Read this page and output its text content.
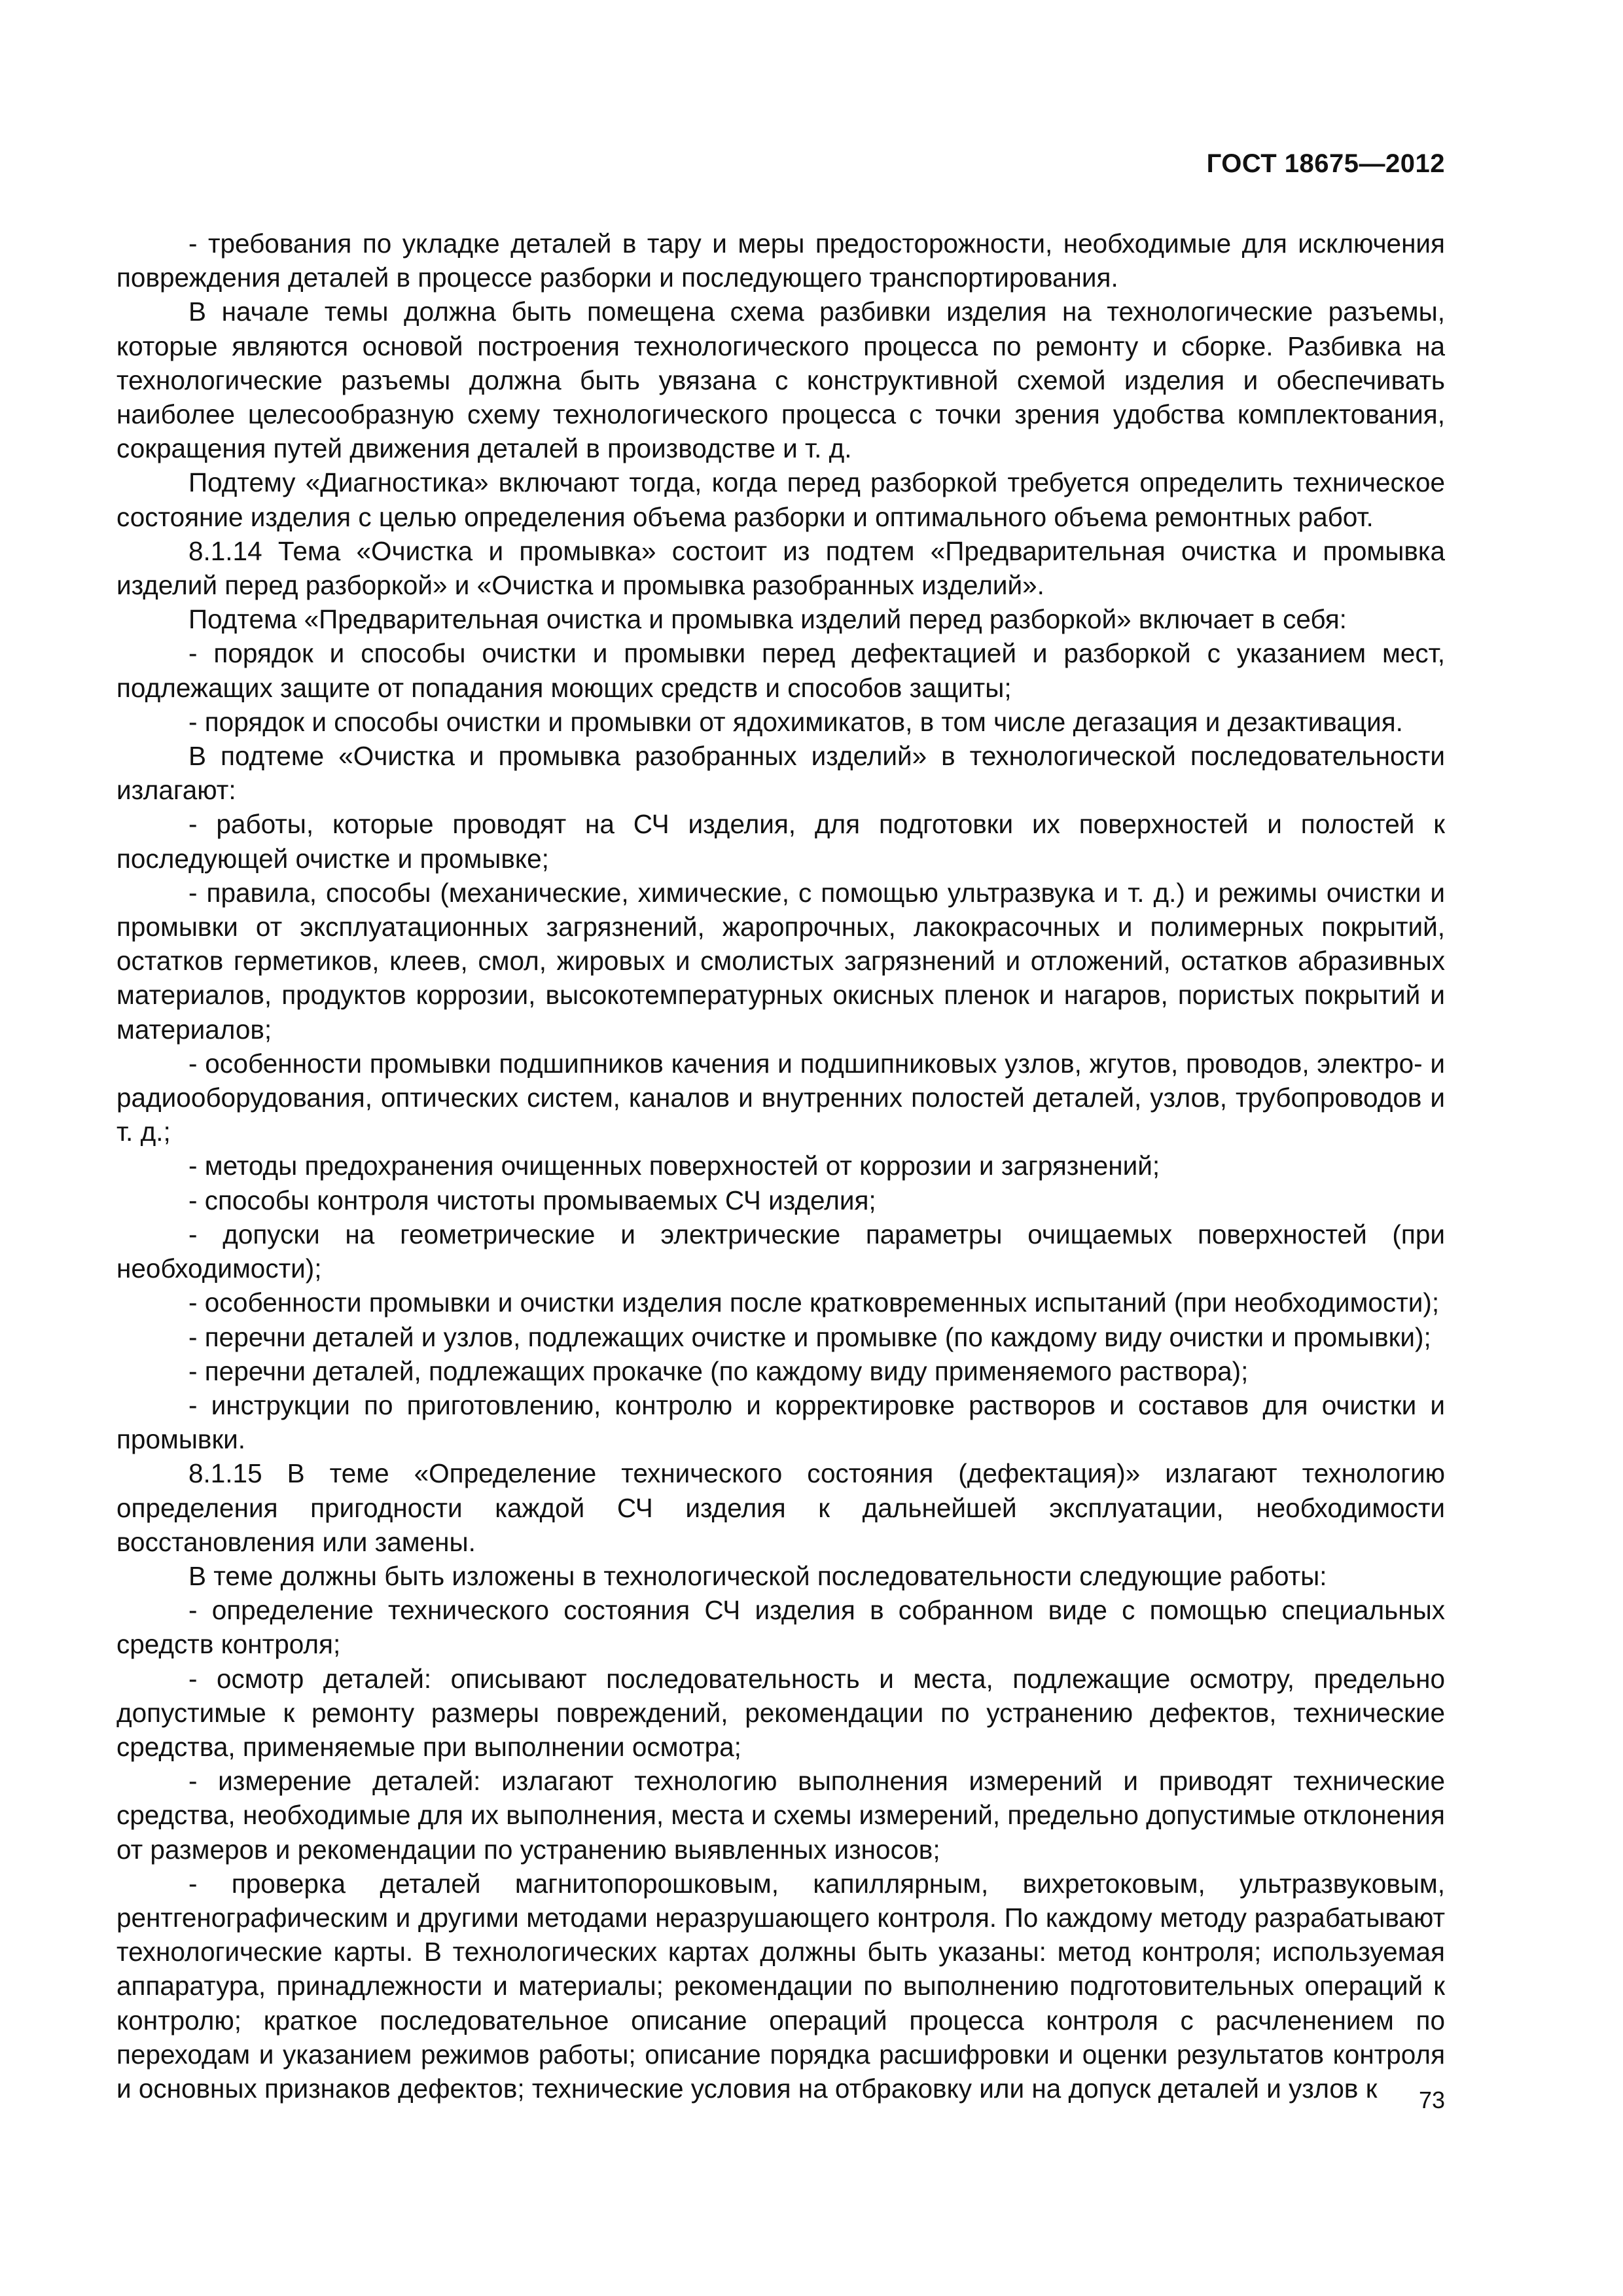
ГОСТ 18675—2012

- требования по укладке деталей в тару и меры предосторожности, необходимые для исключения повреждения деталей в процессе разборки и последующего транспортирования.

В начале темы должна быть помещена схема разбивки изделия на технологические разъемы, которые являются основой построения технологического процесса по ремонту и сборке. Разбивка на технологические разъемы должна быть увязана с конструктивной схемой изделия и обеспечивать наиболее целесообразную схему технологического процесса с точки зрения удобства комплектования, сокращения путей движения деталей в производстве и т. д.

Подтему «Диагностика» включают тогда, когда перед разборкой требуется определить техническое состояние изделия с целью определения объема разборки и оптимального объема ремонтных работ.

8.1.14 Тема «Очистка и промывка» состоит из подтем «Предварительная очистка и промывка изделий перед разборкой» и «Очистка и промывка разобранных изделий».

Подтема «Предварительная очистка и промывка изделий перед разборкой» включает в себя:

- порядок и способы очистки и промывки перед дефектацией и разборкой с указанием мест, подлежащих защите от попадания моющих средств и способов защиты;

- порядок и способы очистки и промывки от ядохимикатов, в том числе дегазация и дезактивация.

В подтеме «Очистка и промывка разобранных изделий» в технологической последовательности излагают:

- работы, которые проводят на СЧ изделия, для подготовки их поверхностей и полостей к последующей очистке и промывке;

- правила, способы (механические, химические, с помощью ультразвука и т. д.) и режимы очистки и промывки от эксплуатационных загрязнений, жаропрочных, лакокрасочных и полимерных покрытий, остатков герметиков, клеев, смол, жировых и смолистых загрязнений и отложений, остатков абразивных материалов, продуктов коррозии, высокотемпературных окисных пленок и нагаров, пористых покрытий и материалов;

- особенности промывки подшипников качения и подшипниковых узлов, жгутов, проводов, электро- и радиооборудования, оптических систем, каналов и внутренних полостей деталей, узлов, трубопроводов и т. д.;

- методы предохранения очищенных поверхностей от коррозии и загрязнений;

- способы контроля чистоты промываемых СЧ изделия;

- допуски на геометрические и электрические параметры очищаемых поверхностей (при необходимости);

- особенности промывки и очистки изделия после кратковременных испытаний (при необходимости);

- перечни деталей и узлов, подлежащих очистке и промывке (по каждому виду очистки и промывки);

- перечни деталей, подлежащих прокачке (по каждому виду применяемого раствора);

- инструкции по приготовлению, контролю и корректировке растворов и составов для очистки и промывки.

8.1.15 В теме «Определение технического состояния (дефектация)» излагают технологию определения пригодности каждой СЧ изделия к дальнейшей эксплуатации, необходимости восстановления или замены.

В теме должны быть изложены в технологической последовательности следующие работы:

- определение технического состояния СЧ изделия в собранном виде с помощью специальных средств контроля;

- осмотр деталей: описывают последовательность и места, подлежащие осмотру, предельно допустимые к ремонту размеры повреждений, рекомендации по устранению дефектов, технические средства, применяемые при выполнении осмотра;

- измерение деталей: излагают технологию выполнения измерений и приводят технические средства, необходимые для их выполнения, места и схемы измерений, предельно допустимые отклонения от размеров и рекомендации по устранению выявленных износов;

- проверка деталей магнитопорошковым, капиллярным, вихретоковым, ультразвуковым, рентгенографическим и другими методами неразрушающего контроля. По каждому методу разрабатывают технологические карты. В технологических картах должны быть указаны: метод контроля; используемая аппаратура, принадлежности и материалы; рекомендации по выполнению подготовительных операций к контролю; краткое последовательное описание операций процесса контроля с расчленением по переходам и указанием режимов работы; описание порядка расшифровки и оценки результатов контроля и основных признаков дефектов; технические условия на отбраковку или на допуск деталей и узлов к	73
